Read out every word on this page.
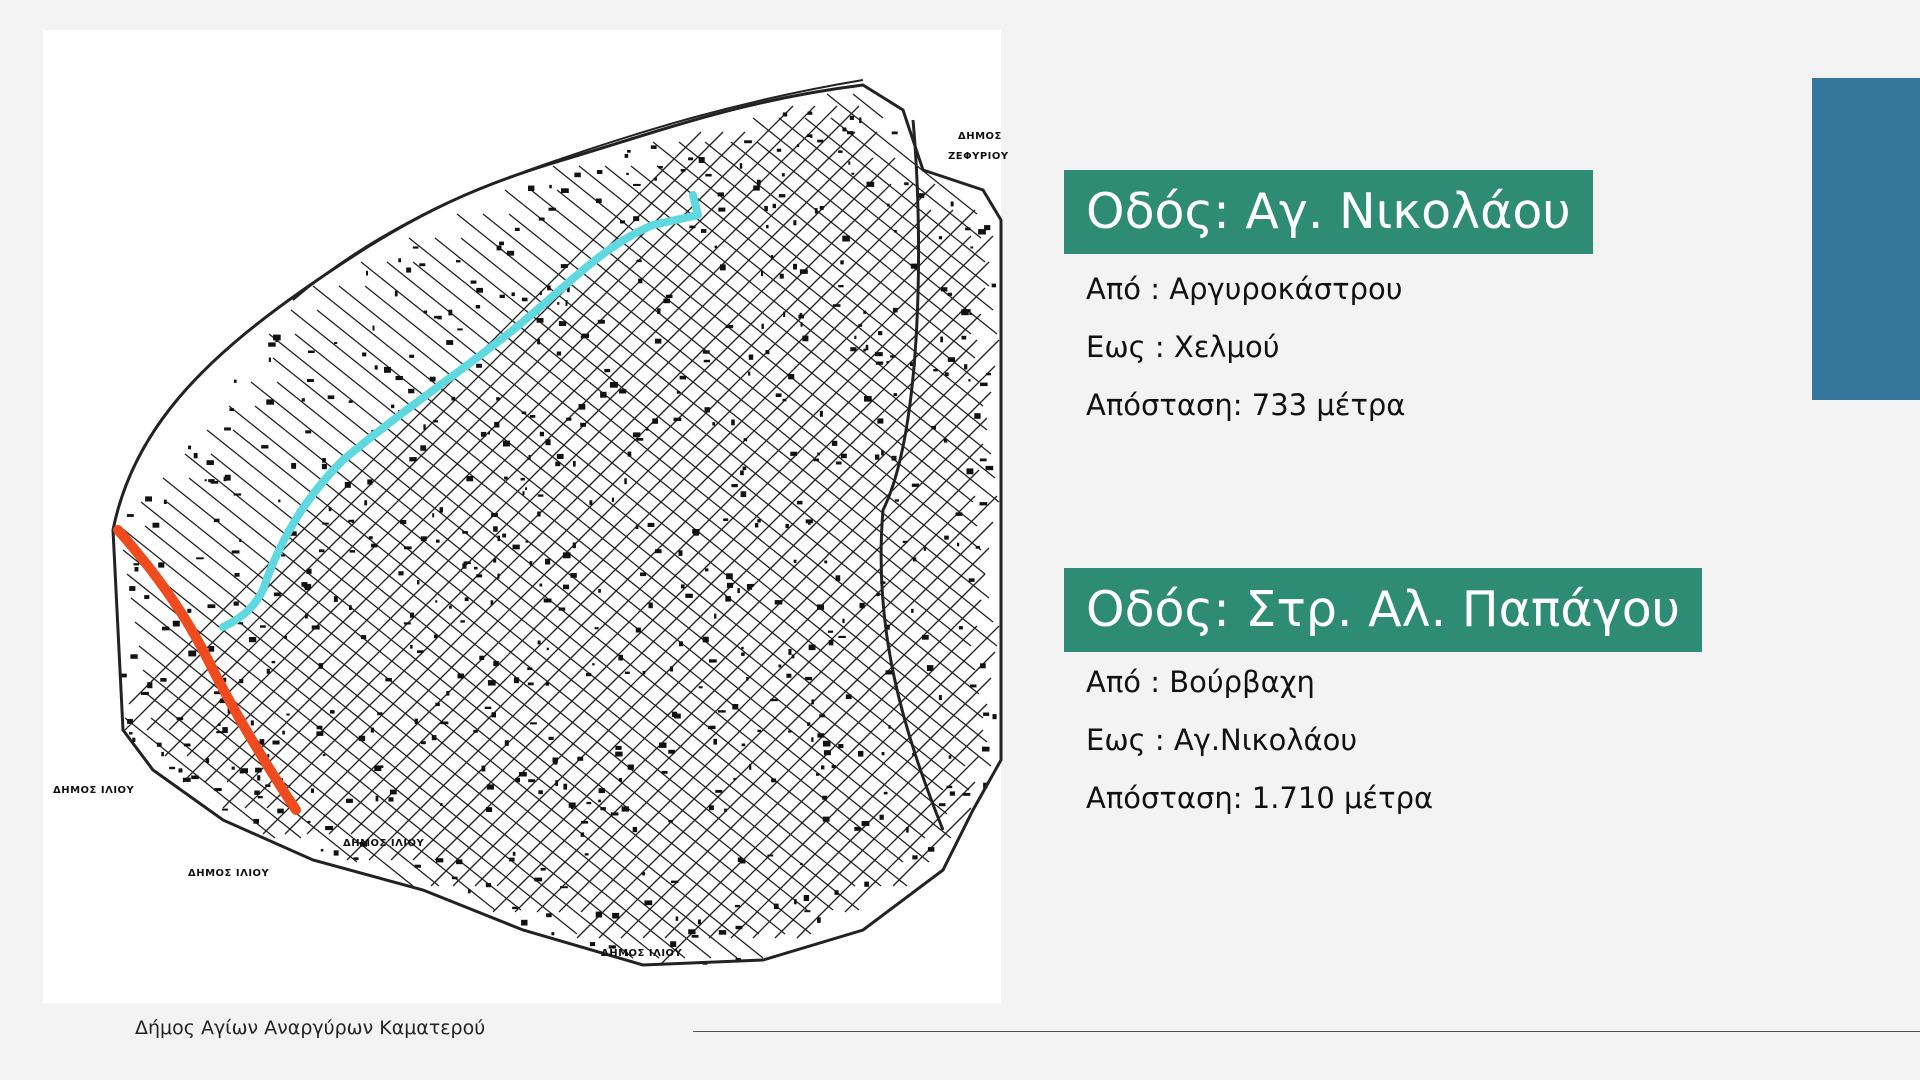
ΔΗΜΟΣ ΙΛΙΟΥ
ΔΗΜΟΣ ΙΛΙΟΥ
ΔΗΜΟΣ ΙΛΙΟΥ
ΔΗΜΟΣ ΙΛΙΟΥ
ΔΗΜΟΣ
ΖΕΦΥΡΙΟΥ
Οδός: Αγ. Νικολάου
Από : Αργυροκάστρου
Εως : Χελμού
Απόσταση: 733 μέτρα
Οδός: Στρ. Αλ. Παπάγου
Από : Βούρβαχη
Εως : Αγ.Νικολάου
Απόσταση: 1.710 μέτρα
Δήμος Αγίων Αναργύρων Καματερού
